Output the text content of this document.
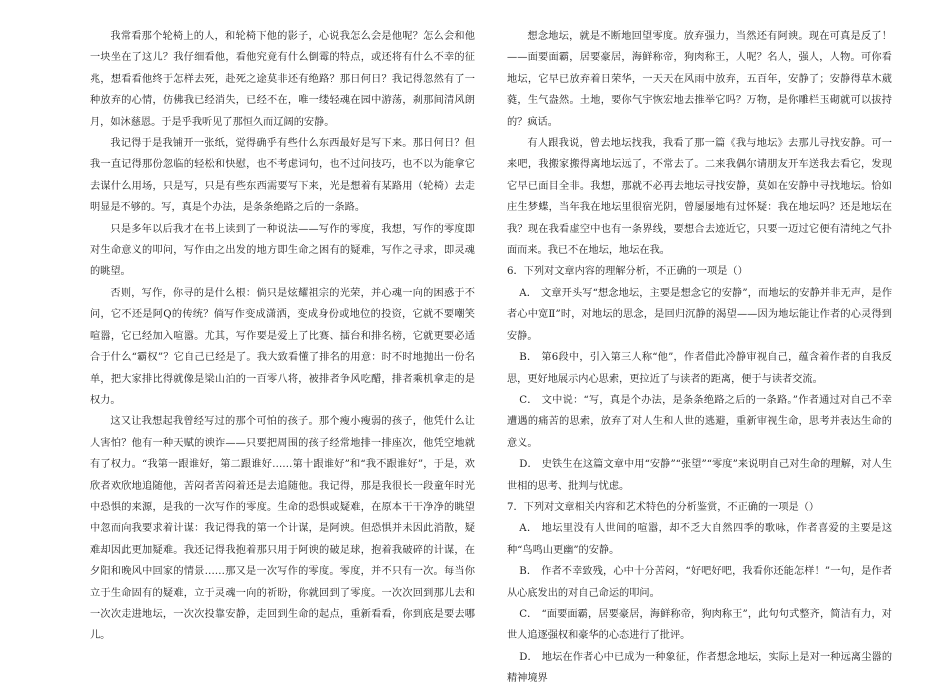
我常看那个轮椅上的人，和轮椅下他的影子，心说我怎么会是他呢？怎么会和他一块坐在了这儿？我仔细看他，看他究竟有什么倒霉的特点，或还将有什么不幸的征兆，想看看他终于怎样去死，赴死之途莫非还有绝路？那日何日？我记得忽然有了一种放弃的心情，仿佛我已经消失，已经不在，唯一缕轻魂在园中游荡，刹那间清风朗月，如沐慈恩。于是乎我听见了那恒久而辽阔的安静。

我记得于是我铺开一张纸，觉得确乎有些什么东西最好是写下来。那日何日？但我一直记得那份忽临的轻松和快慰，也不考虑词句，也不过问技巧，也不以为能拿它去谋什么用场，只是写，只是有些东西需要写下来，光是想着有某路用（轮椅）去走明显是不够的。写，真是个办法，是条条绝路之后的一条路。

只是多年以后我才在书上读到了一种说法——写作的零度，我想，写作的零度即对生命意义的叩问，写作由之出发的地方即生命之困有的疑难，写作之寻求，即灵魂的眺望。

否则，写作，你寻的是什么根：倘只是炫耀祖宗的光荣，并心魂一向的困惑于不问，它不还是阿Q的传统？倘写作变成潇洒，变成身份或地位的投资，它就不要嘲笑喧嚣，它已经加入喧嚣。尤其，写作要是爱上了比赛、擂台和排名榜，它就更要必适合于什么“霸权”？它自己已经是了。我大致看懂了排名的用意：时不时地抛出一份名单，把大家排比得就像是梁山泊的一百零八将，被排者争风吃醋，排者乘机拿走的是权力。

这又让我想起我曾经写过的那个可怕的孩子。那个瘦小瘦弱的孩子，他凭什么让人害怕？他有一种天赋的谀诈——只要把周围的孩子经常地排一排座次，他凭空地就有了权力。“我第一跟谁好，第二跟谁好……第十跟谁好”和“我不跟谁好”，于是，欢欣者欢欣地追随他，苦闷者苦闷着还是去追随他。我记得，那是我很长一段童年时光中恐惧的来源，是我的一次写作的零度。生命的恐惧或疑难，在原本干干净净的眺望中忽而向我要求着计谋：我记得我的第一个计谋，是阿谀。但恐惧并未因此消散，疑难却因此更加疑难。我还记得我抱着那只用于阿谀的破足球，抱着我破碎的计谋，在夕阳和晚风中回家的情景……那又是一次写作的零度。零度，并不只有一次。每当你立于生命固有的疑难，立于灵魂一向的祈盼，你就回到了零度。一次次回到那儿去和一次次走进地坛，一次次投靠安静，走回到生命的起点，重新看看，你到底是要去哪儿。

想念地坛，就是不断地回望零度。放弃强力，当然还有阿谀。现在可真是反了！——面要面霸，居要豪居，海鲜称帝，狗肉称王，人呢？名人，强人，人物。可你看地坛，它早已放弃着日荣华，一天天在风雨中放弃，五百年，安静了；安静得草木葳蕤，生气盎然。土地，要你气宇恢宏地去推举它吗？万物，是你雕栏玉砌就可以拔持的？疯话。

有人跟我说，曾去地坛找我，我看了那一篇《我与地坛》去那儿寻找安静。可一来吧，我搬家搬得离地坛远了，不常去了。二来我偶尔请朋友开车送我去看它，发现它早已面目全非。我想，那就不必再去地坛寻找安静，莫如在安静中寻找地坛。恰如庄生梦蝶，当年我在地坛里很宿光阴，曾屡屡地有过怀疑：我在地坛吗？还是地坛在我？现在我看虚空中也有一条界线，要想合去迹近它，只要一迈过它便有清纯之气扑面而来。我已不在地坛，地坛在我。

6．下列对文章内容的理解分析，不正确的一项是（）

A． 文章开头写“想念地坛，主要是想念它的安静”，而地坛的安静并非无声，是作者心中宽Ⅱ”时，对地坛的思念，是回归沉静的渴望——因为地坛能让作者的心灵得到安静。

B． 第6段中，引入第三人称“他”，作者借此冷静审视自己，蕴含着作者的自我反思，更好地展示内心思索，更拉近了与读者的距离，便于与读者交流。

C． 文中说：“写，真是个办法，是条条绝路之后的一条路。”作者通过对自己不幸遭遇的痛苦的思索，放弃了对人生和人世的逃避，重新审视生命，思考并表达生命的意义。

D． 史铁生在这篇文章中用“安静”“张望”“零度”来说明自己对生命的理解，对人生世相的思考、批判与忧虑。

7．下列对文章相关内容和艺术特色的分析鉴赏，不正确的一项是（）

A． 地坛里没有人世间的喧嚣，却不乏大自然四季的歌咏，作者喜爱的主要是这种“鸟鸣山更幽”的安静。

B． 作者不幸致残，心中十分苦闷，“好吧好吧，我看你还能怎样！”一句，是作者从心底发出的对自己命运的叩问。

C． “面要面霸，居要豪居，海鲜称帝，狗肉称王”，此句句式整齐，简洁有力，对世人追逐强权和豪华的心态进行了批评。

D． 地坛在作者心中已成为一种象征，作者想念地坛，实际上是对一种远离尘嚣的精神境界
